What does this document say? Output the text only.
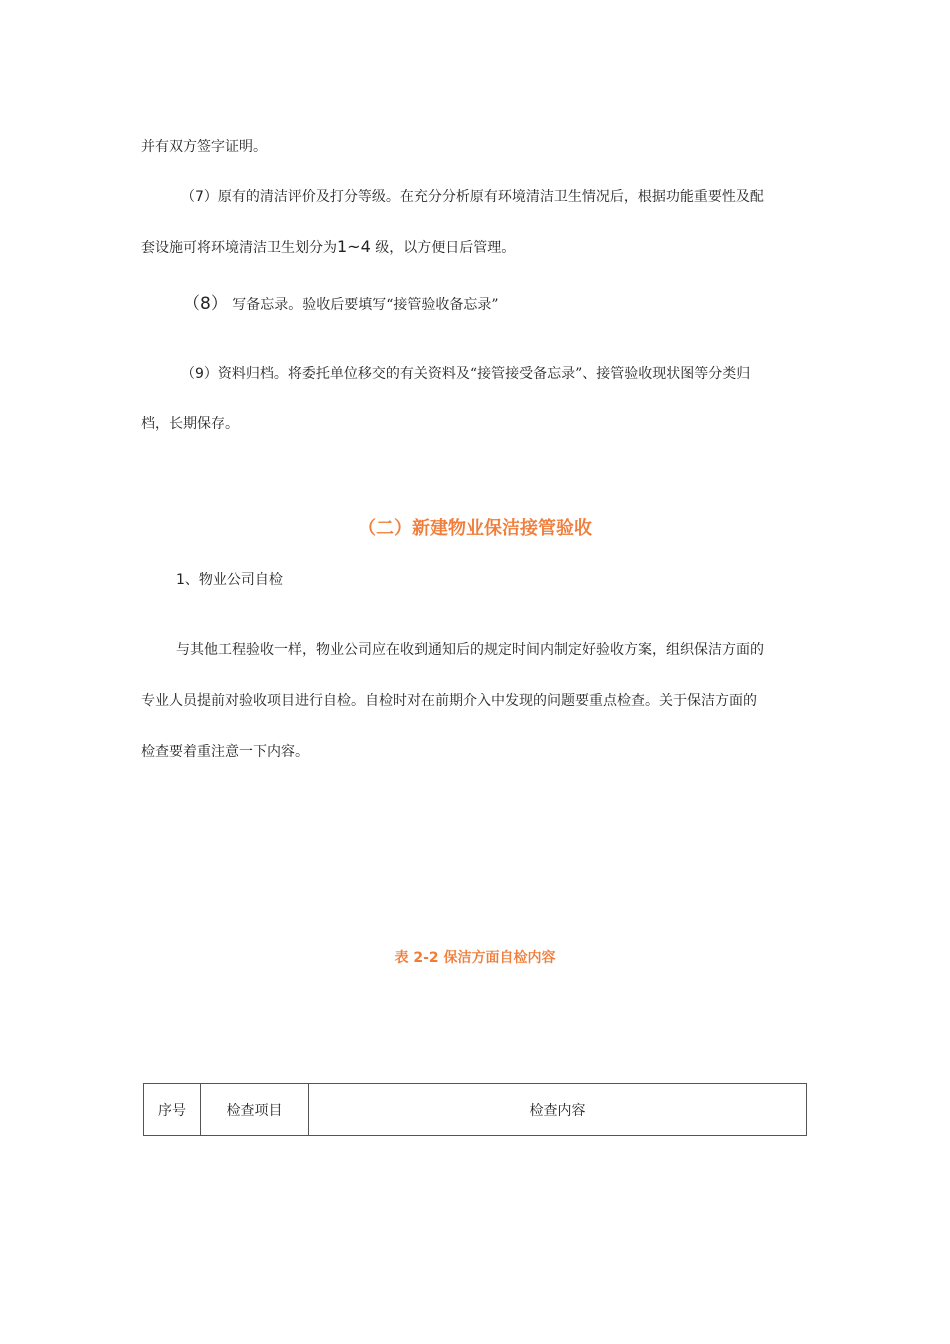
并有双方签字证明。
（7）原有的清洁评价及打分等级。在充分分析原有环境清洁卫生情况后，根据功能重要性及配
套设施可将环境清洁卫生划分为1~4 级，以方便日后管理。
（8） 写备忘录。验收后要填写“接管验收备忘录”
（9）资料归档。将委托单位移交的有关资料及“接管接受备忘录”、接管验收现状图等分类归
档，长期保存。
（二）新建物业保洁接管验收
1、物业公司自检
与其他工程验收一样，物业公司应在收到通知后的规定时间内制定好验收方案，组织保洁方面的
专业人员提前对验收项目进行自检。自检时对在前期介入中发现的问题要重点检查。关于保洁方面的
检查要着重注意一下内容。
表 2-2 保洁方面自检内容
序号	检查项目	检查内容
